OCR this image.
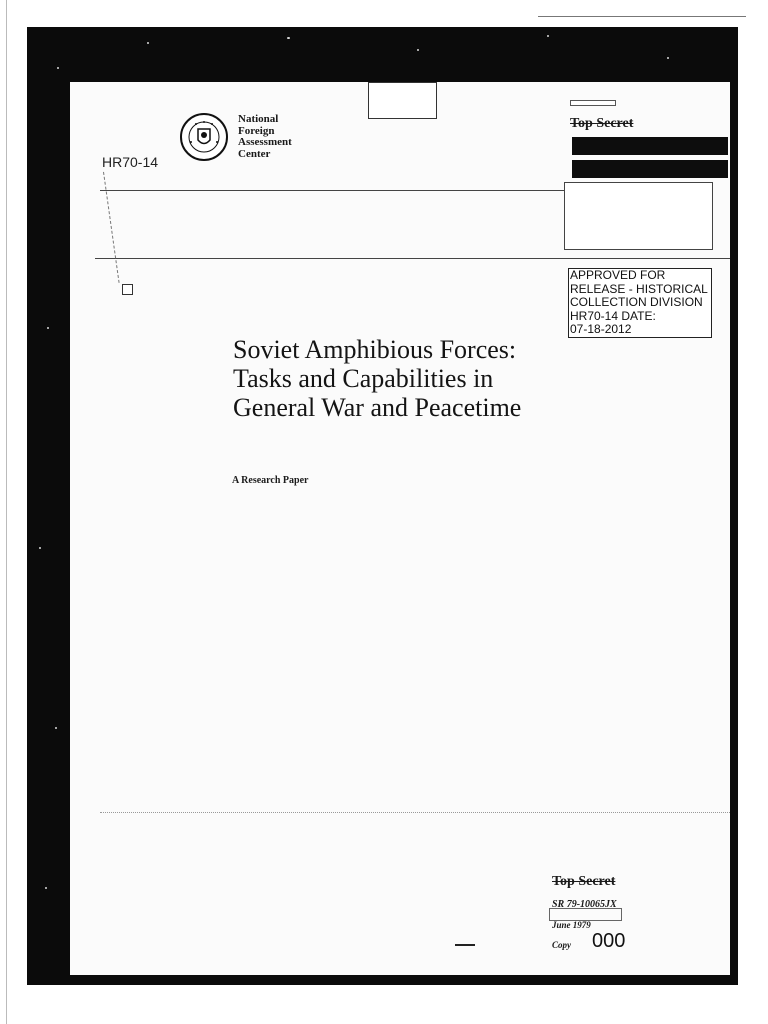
National
Foreign
Assessment
Center
HR70-14
Top Secret
APPROVED FOR
RELEASE - HISTORICAL
COLLECTION DIVISION
HR70-14 DATE:
07-18-2012
Soviet Amphibious Forces:
Tasks and Capabilities in
General War and Peacetime
A Research Paper
Top Secret
SR 79-10065JX
June 1979
Copy 000
